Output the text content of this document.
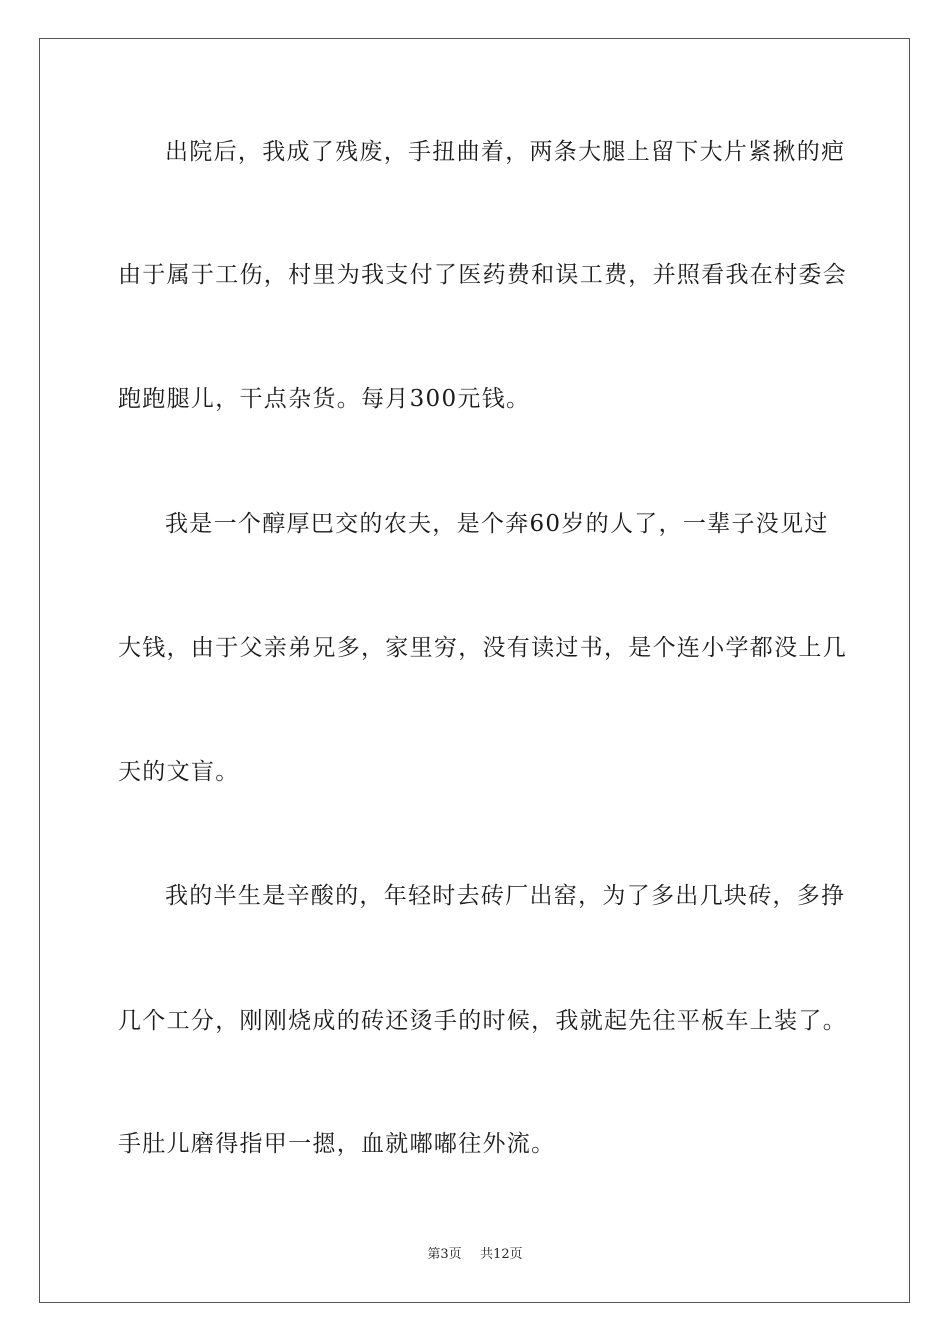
出院后，我成了残废，手扭曲着，两条大腿上留下大片紧揪的疤
由于属于工伤，村里为我支付了医药费和误工费，并照看我在村委会
跑跑腿儿，干点杂货。每月300元钱。
我是一个醇厚巴交的农夫，是个奔60岁的人了，一辈子没见过
大钱，由于父亲弟兄多，家里穷，没有读过书，是个连小学都没上几
天的文盲。
我的半生是辛酸的，年轻时去砖厂出窑，为了多出几块砖，多挣
几个工分，刚刚烧成的砖还烫手的时候，我就起先往平板车上装了。
手肚儿磨得指甲一摁，血就嘟嘟往外流。
第3页 共12页
